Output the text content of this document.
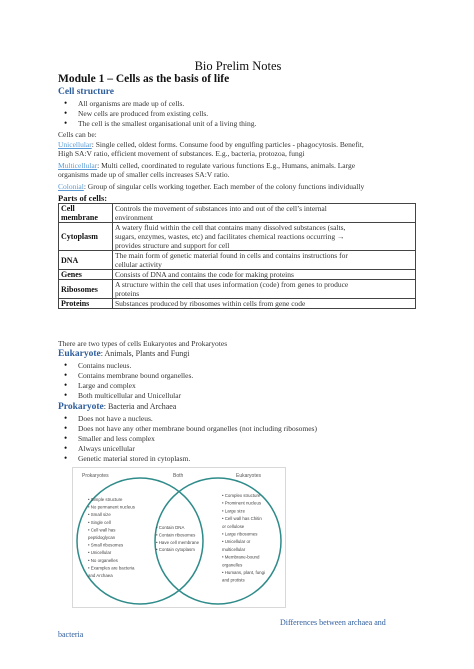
Bio Prelim Notes
Module 1 – Cells as the basis of life
Cell structure
• All organisms are made up of cells.
• New cells are produced from existing cells.
• The cell is the smallest organisational unit of a living thing.
Cells can be:
Unicellular: Single celled, oldest forms. Consume food by engulfing particles - phagocytosis. Benefit,
High SA:V ratio, efficient movement of substances. E.g., bacteria, protozoa, fungi
Multicellular: Multi celled, coordinated to regulate various functions E.g., Humans, animals. Large
organisms made up of smaller cells increases SA:V ratio.
Colonial: Group of singular cells working together. Each member of the colony functions individually
Parts of cells:
Cell
membrane	Controls the movement of substances into and out of the cell’s internal
environment
Cytoplasm	A watery fluid within the cell that contains many dissolved substances (salts,
sugars, enzymes, wastes, etc) and facilitates chemical reactions occurring →
provides structure and support for cell
DNA	The main form of genetic material found in cells and contains instructions for
cellular activity
Genes	Consists of DNA and contains the code for making proteins
Ribosomes	A structure within the cell that uses information (code) from genes to produce
proteins
Proteins	Substances produced by ribosomes within cells from gene code
There are two types of cells Eukaryotes and Prokaryotes
Eukaryote: Animals, Plants and Fungi
• Contains nucleus.
• Contains membrane bound organelles.
• Large and complex
• Both multicellular and Unicellular
Prokaryote: Bacteria and Archaea
• Does not have a nucleus.
• Does not have any other membrane bound organelles (not including ribosomes)
• Smaller and less complex
• Always unicellular
• Genetic material stored in cytoplasm.
Prokaryotes	Both	Eukaryotes
• Simple structure
• No permanent nucleus
• Small size
• Single cell
• Cell wall has
peptidoglycan
• Small ribosomes
• Unicellular
• No organelles
• Examples are bacteria
and Archaea
• Contain DNA
• Contain ribosomes
• Have cell membrane
• Contain cytoplasm
• Complex structure
• Prominent nucleus
• Large size
• Cell wall has Chitin
or cellulose
• Large ribosomes
• Unicellular or
multicellular
• Membrane-bound
organelles
• Humans, plant, fungi
and protists
Differences between archaea and
bacteria
